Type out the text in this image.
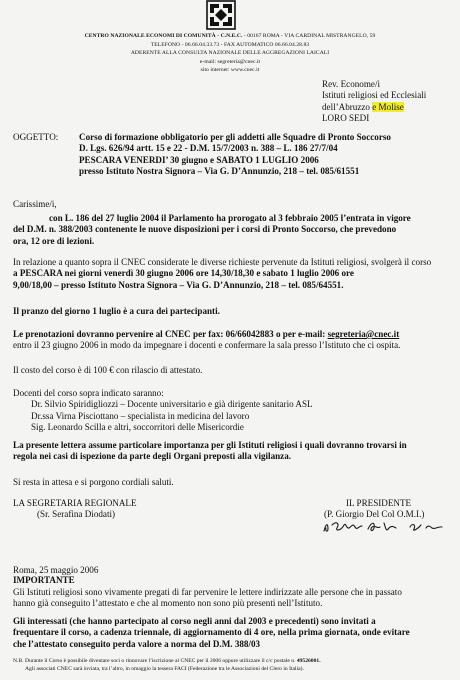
CENTRO NAZIONALE ECONOMI DI COMUNITÀ - C.N.E.C. - 00167 ROMA - VIA CARDINAL MISTRANGELO, 59
TELEFONO - 06.66.04.33.73 - FAX AUTOMATICO 06.66.04.28.83
ADERENTE ALLA CONSULTA NAZIONALE DELLE AGGREGAZIONI LAICALI
e-mail: segreteria@cnec.it
sito internet: www.cnec.it
Rev. Econome/i
Istituti religiosi ed Ecclesiali
dell’Abruzzo e Molise
LORO SEDI
OGGETTO: Corso di formazione obbligatorio per gli addetti alle Squadre di Pronto Soccorso
D. Lgs. 626/94 artt. 15 e 22 - D.M. 15/7/2003 n. 388 – L. 186 27/7/04
PESCARA VENERDI’ 30 giugno e SABATO 1 LUGLIO 2006
presso Istituto Nostra Signora – Via G. D’Annunzio, 218 – tel. 085/61551
Carissime/i,
con L. 186 del 27 luglio 2004 il Parlamento ha prorogato al 3 febbraio 2005 l’entrata in vigore
del D.M. n. 388/2003 contenente le nuove disposizioni per i corsi di Pronto Soccorso, che prevedono
ora, 12 ore di lezioni.
In relazione a quanto sopra il CNEC considerate le diverse richieste pervenute da Istituti religiosi, svolgerà il corso
a PESCARA nei giorni venerdì 30 giugno 2006 ore 14,30/18,30 e sabato 1 luglio 2006 ore
9,00/18,00 – presso Istituto Nostra Signora – Via G. D’Annunzio, 218 – tel. 085/64551.
Il pranzo del giorno 1 luglio è a cura dei partecipanti.
Le prenotazioni dovranno pervenire al CNEC per fax: 06/66042883 o per e-mail: segreteria@cnec.it
entro il 23 giugno 2006 in modo da impegnare i docenti e confermare la sala presso l’Istituto che ci ospita.
Il costo del corso è di 100 € con rilascio di attestato.
Docenti del corso sopra indicato saranno:
Dr. Silvio Spiridigliozzi – Docente universitario e già dirigente sanitario ASL
Dr.ssa Virna Pisciottano – specialista in medicina del lavoro
Sig. Leonardo Scilla e altri, soccorritori delle Misericordie
La presente lettera assume particolare importanza per gli Istituti religiosi i quali dovranno trovarsi in
regola nei casi di ispezione da parte degli Organi preposti alla vigilanza.
Si resta in attesa e si porgono cordiali saluti.
LA SEGRETARIA REGIONALE
(Sr. Serafina Diodati)
IL PRESIDENTE
(P. Giorgio Del Col O.M.I.)
Roma, 25 maggio 2006
IMPORTANTE
Gli Istituti religiosi sono vivamente pregati di far pervenire le lettere indirizzate alle persone che in passato
hanno già conseguito l’attestato e che al momento non sono più presenti nell’Istituto.
Gli interessati (che hanno partecipato al corso negli anni dal 2003 e precedenti) sono invitati a
frequentare il corso, a cadenza triennale, di aggiornamento di 4 ore, nella prima giornata, onde evitare
che l’attestato conseguito perda valore a norma del D.M. 388/03
N.B. Durante il Corso è possibile diventare soci o rinnovare l’iscrizione al CNEC per il 2006 oppure utilizzare il c/c postale n. 49526001.
Agli associati CNEC sarà inviata, tra l’altro, in omaggio la tessera FACI (Federazione tra le Associazioni del Clero in Italia).
